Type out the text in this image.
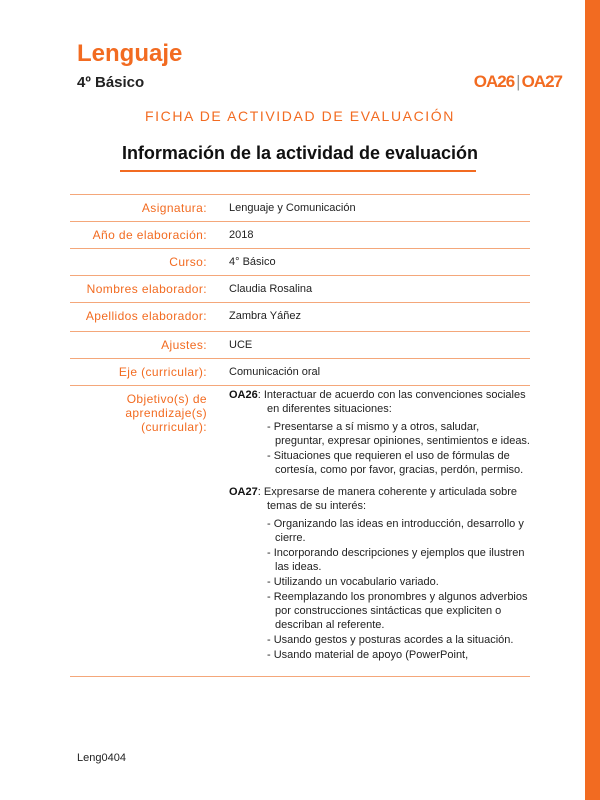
Lenguaje
4º Básico	OA26 | OA27
FICHA DE ACTIVIDAD DE EVALUACIÓN
Información de la actividad de evaluación
Asignatura: Lenguaje y Comunicación
Año de elaboración: 2018
Curso: 4° Básico
Nombres elaborador: Claudia Rosalina
Apellidos elaborador: Zambra Yáñez
Ajustes: UCE
Eje (curricular): Comunicación oral
Objetivo(s) de aprendizaje(s) (curricular):
OA26: Interactuar de acuerdo con las convenciones sociales en diferentes situaciones:
- Presentarse a sí mismo y a otros, saludar, preguntar, expresar opiniones, sentimientos e ideas.
- Situaciones que requieren el uso de fórmulas de cortesía, como por favor, gracias, perdón, permiso.
OA27: Expresarse de manera coherente y articulada sobre temas de su interés:
- Organizando las ideas en introducción, desarrollo y cierre.
- Incorporando descripciones y ejemplos que ilustren las ideas.
- Utilizando un vocabulario variado.
- Reemplazando los pronombres y algunos adverbios por construcciones sintácticas que expliciten o describan al referente.
- Usando gestos y posturas acordes a la situación.
- Usando material de apoyo (PowerPoint,
Leng0404
